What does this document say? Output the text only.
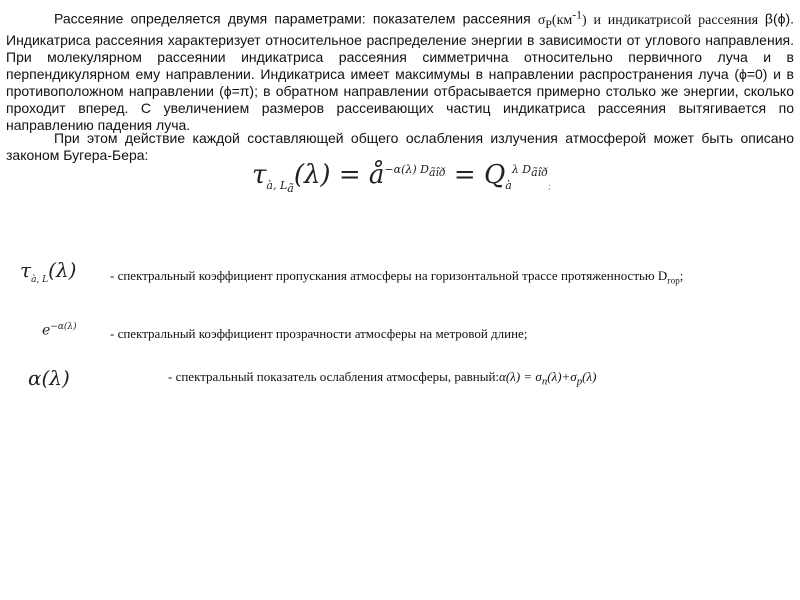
Рассеяние определяется двумя параметрами: показателем рассеяния $\sigma_Р(км^{-1})$ и индикатрисой рассеяния β(ϕ). Индикатриса рассеяния характеризует относительное распределение энергии в зависимости от углового направления. При молекулярном рассеянии индикатриса рассеяния симметрична относительно первичного луча и в перпендикулярном ему направлении. Индикатриса имеет максимумы в направлении распространения луча (ϕ=0) и в противоположном направлении (ϕ=π); в обратном направлении отбрасывается примерно столько же энергии, сколько проходит вперед. С увеличением размеров рассеивающих частиц индикатриса рассеяния вытягивается по направлению падения луча.

При этом действие каждой составляющей общего ослабления излучения атмосферой может быть описано законом Бугера-Бера:

$\tau_{à, L_ã}(\lambda)$ = $å^{-\alpha(\lambda) D_{ãîð}} = Q_à^{\lambda D_{ãîð}}_;$
$\tau_{à, L}(\lambda)$	- спектральный коэффициент пропускания атмосферы на горизонтальной трассе протяженностью $D_{гор}$;
$e^{-\alpha(\lambda)}$	- спектральный коэффициент прозрачности атмосферы на метровой длине;
α(λ)	- спектральный показатель ослабления атмосферы, равный:α(λ) = $\sigma_п(\lambda)+\sigma_р(\lambda)$
